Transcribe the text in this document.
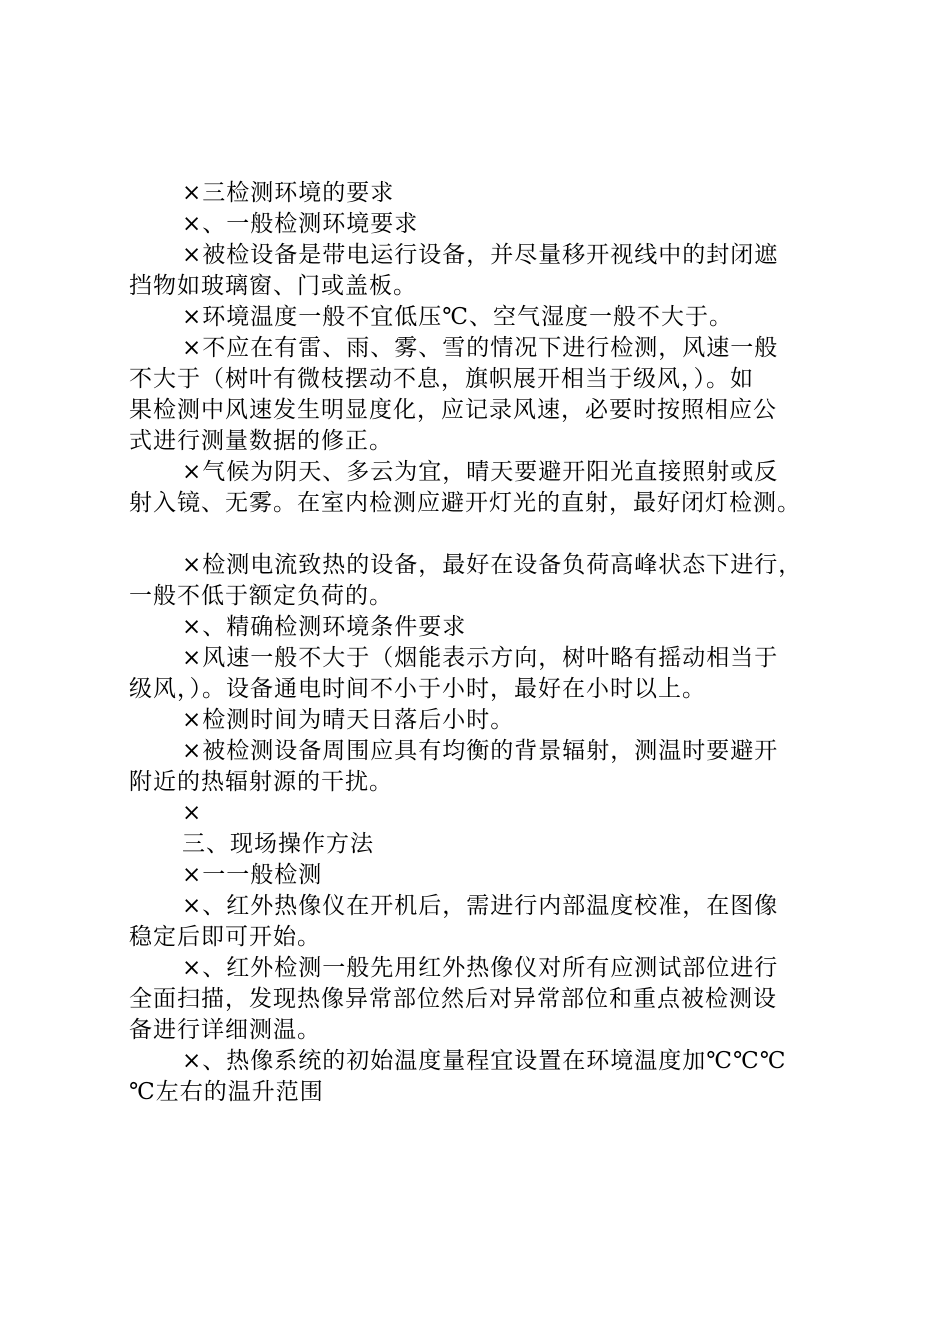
×三检测环境的要求
×、一般检测环境要求
×被检设备是带电运行设备，并尽量移开视线中的封闭遮
挡物如玻璃窗、门或盖板。
×环境温度一般不宜低压℃、空气湿度一般不大于。
×不应在有雷、雨、雾、雪的情况下进行检测，风速一般
不大于（树叶有微枝摆动不息，旗帜展开相当于级风，）。如
果检测中风速发生明显度化，应记录风速，必要时按照相应公
式进行测量数据的修正。
×气候为阴天、多云为宜，晴天要避开阳光直接照射或反
射入镜、无雾。在室内检测应避开灯光的直射，最好闭灯检测。
×检测电流致热的设备，最好在设备负荷高峰状态下进行，
一般不低于额定负荷的。
×、精确检测环境条件要求
×风速一般不大于（烟能表示方向，树叶略有摇动相当于
级风，）。设备通电时间不小于小时，最好在小时以上。
×检测时间为晴天日落后小时。
×被检测设备周围应具有均衡的背景辐射，测温时要避开
附近的热辐射源的干扰。
×
三、现场操作方法
×一一般检测
×、红外热像仪在开机后，需进行内部温度校准，在图像
稳定后即可开始。
×、红外检测一般先用红外热像仪对所有应测试部位进行
全面扫描，发现热像异常部位然后对异常部位和重点被检测设
备进行详细测温。
×、热像系统的初始温度量程宜设置在环境温度加℃℃℃
℃左右的温升范围
